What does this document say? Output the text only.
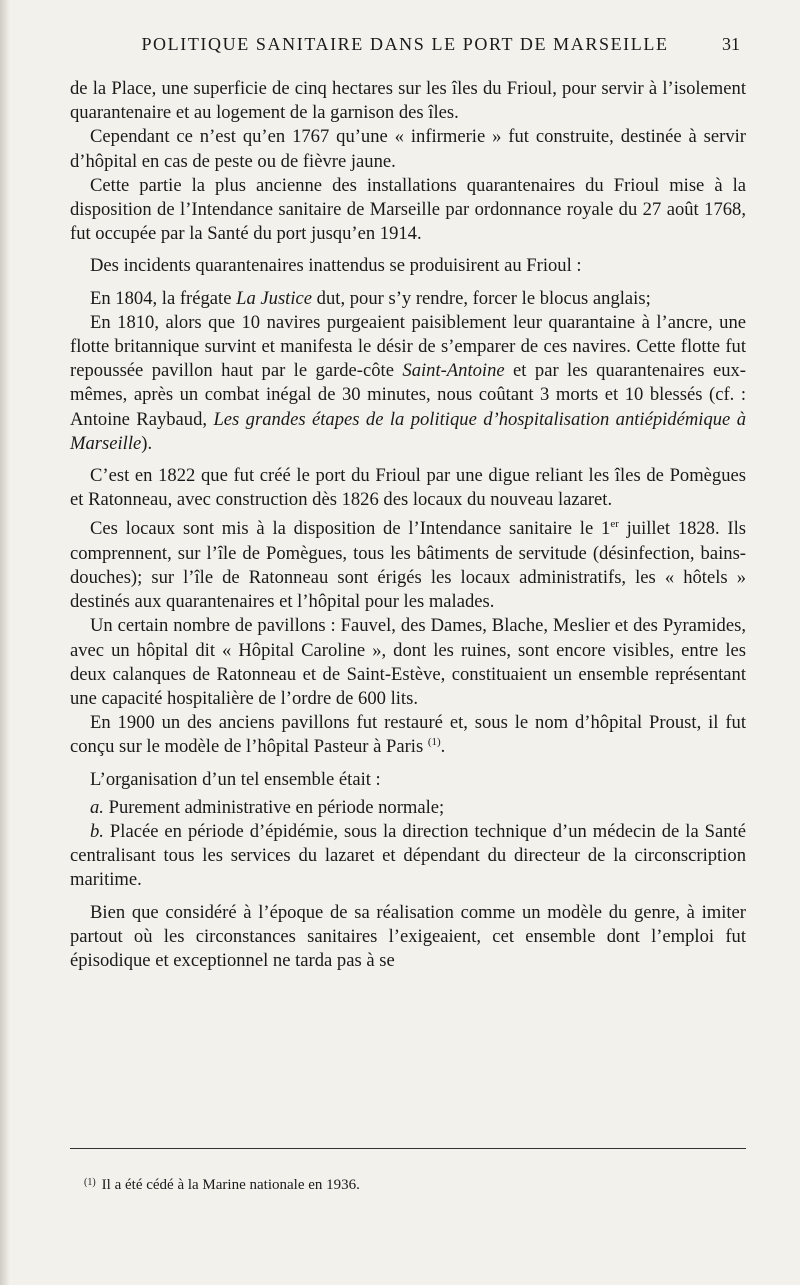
POLITIQUE SANITAIRE DANS LE PORT DE MARSEILLE	31

de la Place, une superficie de cinq hectares sur les îles du Frioul, pour servir à l’isolement quarantenaire et au logement de la garnison des îles.

Cependant ce n’est qu’en 1767 qu’une « infirmerie » fut construite, destinée à servir d’hôpital en cas de peste ou de fièvre jaune.

Cette partie la plus ancienne des installations quarantenaires du Frioul mise à la disposition de l’Intendance sanitaire de Marseille par ordonnance royale du 27 août 1768, fut occupée par la Santé du port jusqu’en 1914.

Des incidents quarantenaires inattendus se produisirent au Frioul :

En 1804, la frégate La Justice dut, pour s’y rendre, forcer le blocus anglais;

En 1810, alors que 10 navires purgeaient paisiblement leur quarantaine à l’ancre, une flotte britannique survint et manifesta le désir de s’emparer de ces navires. Cette flotte fut repoussée pavillon haut par le garde-côte Saint-Antoine et par les quarantenaires eux-mêmes, après un combat inégal de 30 minutes, nous coûtant 3 morts et 10 blessés (cf. : Antoine Raybaud, Les grandes étapes de la politique d’hospitalisation antiépidémique à Marseille).

C’est en 1822 que fut créé le port du Frioul par une digue reliant les îles de Pomègues et Ratonneau, avec construction dès 1826 des locaux du nouveau lazaret.

Ces locaux sont mis à la disposition de l’Intendance sanitaire le 1er juillet 1828. Ils comprennent, sur l’île de Pomègues, tous les bâtiments de servitude (désinfection, bains-douches); sur l’île de Ratonneau sont érigés les locaux administratifs, les « hôtels » destinés aux quarantenaires et l’hôpital pour les malades.

Un certain nombre de pavillons : Fauvel, des Dames, Blache, Meslier et des Pyramides, avec un hôpital dit « Hôpital Caroline », dont les ruines, sont encore visibles, entre les deux calanques de Ratonneau et de Saint-Estève, constituaient un ensemble représentant une capacité hospitalière de l’ordre de 600 lits.

En 1900 un des anciens pavillons fut restauré et, sous le nom d’hôpital Proust, il fut conçu sur le modèle de l’hôpital Pasteur à Paris $^{(1)}$.

L’organisation d’un tel ensemble était :

a. Purement administrative en période normale;

b. Placée en période d’épidémie, sous la direction technique d’un médecin de la Santé centralisant tous les services du lazaret et dépendant du directeur de la circonscription maritime.

Bien que considéré à l’époque de sa réalisation comme un modèle du genre, à imiter partout où les circonstances sanitaires l’exigeaient, cet ensemble dont l’emploi fut épisodique et exceptionnel ne tarda pas à se

$^{(1)}$ Il a été cédé à la Marine nationale en 1936.
